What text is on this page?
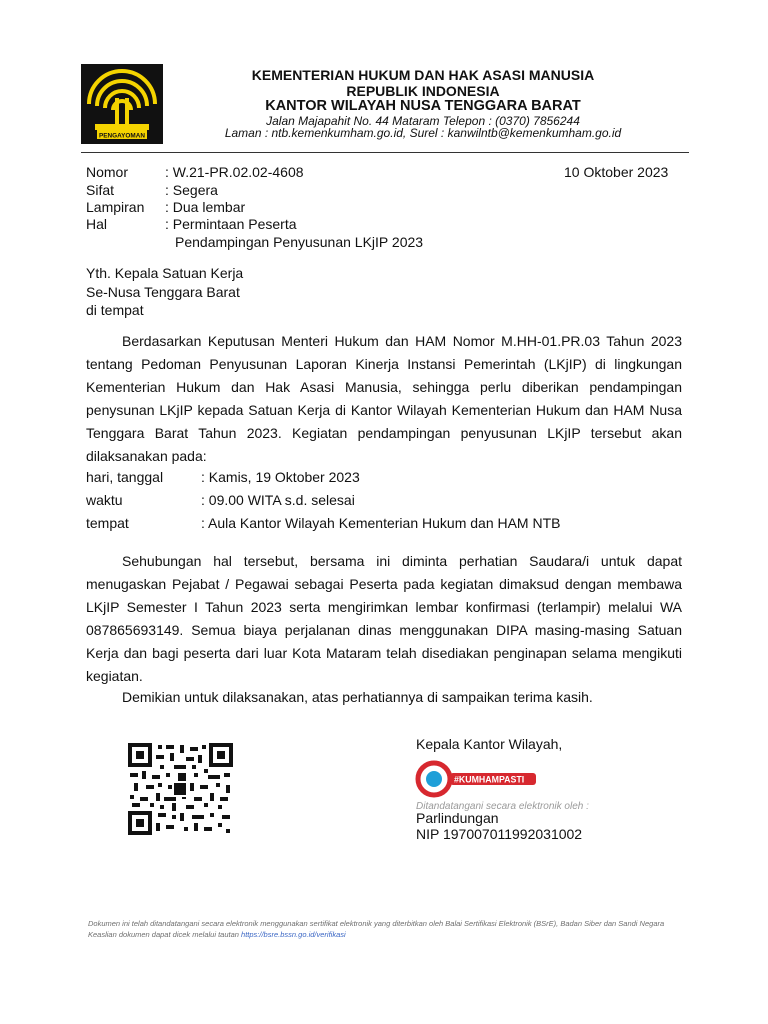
PENGAYOMAN
KEMENTERIAN HUKUM DAN HAK ASASI MANUSIA
REPUBLIK INDONESIA
KANTOR WILAYAH NUSA TENGGARA BARAT
Jalan Majapahit No. 44 Mataram Telepon : (0370) 7856244
Laman : ntb.kemenkumham.go.id, Surel : kanwilntb@kemenkumham.go.id
Nomor	: W.21-PR.02.02-4608	10 Oktober 2023
Sifat	: Segera
Lampiran : Dua lembar
Hal	: Permintaan Peserta
Pendampingan Penyusunan LKjIP 2023
Yth. Kepala Satuan Kerja
Se-Nusa Tenggara Barat
di tempat
Berdasarkan Keputusan Menteri Hukum dan HAM Nomor M.HH-01.PR.03 Tahun 2023 tentang Pedoman Penyusunan Laporan Kinerja Instansi Pemerintah (LKjIP) di lingkungan Kementerian Hukum dan Hak Asasi Manusia, sehingga perlu diberikan pendampingan penysunan LKjIP kepada Satuan Kerja di Kantor Wilayah Kementerian Hukum dan HAM Nusa Tenggara Barat Tahun 2023. Kegiatan pendampingan penyusunan LKjIP tersebut akan dilaksanakan pada:
hari, tanggal	: Kamis, 19 Oktober 2023
waktu	: 09.00 WITA s.d. selesai
tempat	: Aula Kantor Wilayah Kementerian Hukum dan HAM NTB
Sehubungan hal tersebut, bersama ini diminta perhatian Saudara/i untuk dapat menugaskan Pejabat / Pegawai sebagai Peserta pada kegiatan dimaksud dengan membawa LKjIP Semester I Tahun 2023 serta mengirimkan lembar konfirmasi (terlampir) melalui WA 087865693149. Semua biaya perjalanan dinas menggunakan DIPA masing-masing Satuan Kerja dan bagi peserta dari luar Kota Mataram telah disediakan penginapan selama mengikuti kegiatan.
Demikian untuk dilaksanakan, atas perhatiannya di sampaikan terima kasih.
Kepala Kantor Wilayah,
#KUMHAMPASTI
Ditandatangani secara elektronik oleh :
Parlindungan
NIP 197007011992031002
Dokumen ini telah ditandatangani secara elektronik menggunakan sertifikat elektronik yang diterbitkan oleh Balai Sertifikasi Elektronik (BSrE), Badan Siber dan Sandi Negara
Keaslian dokumen dapat dicek melalui tautan https://bsre.bssn.go.id/verifikasi
